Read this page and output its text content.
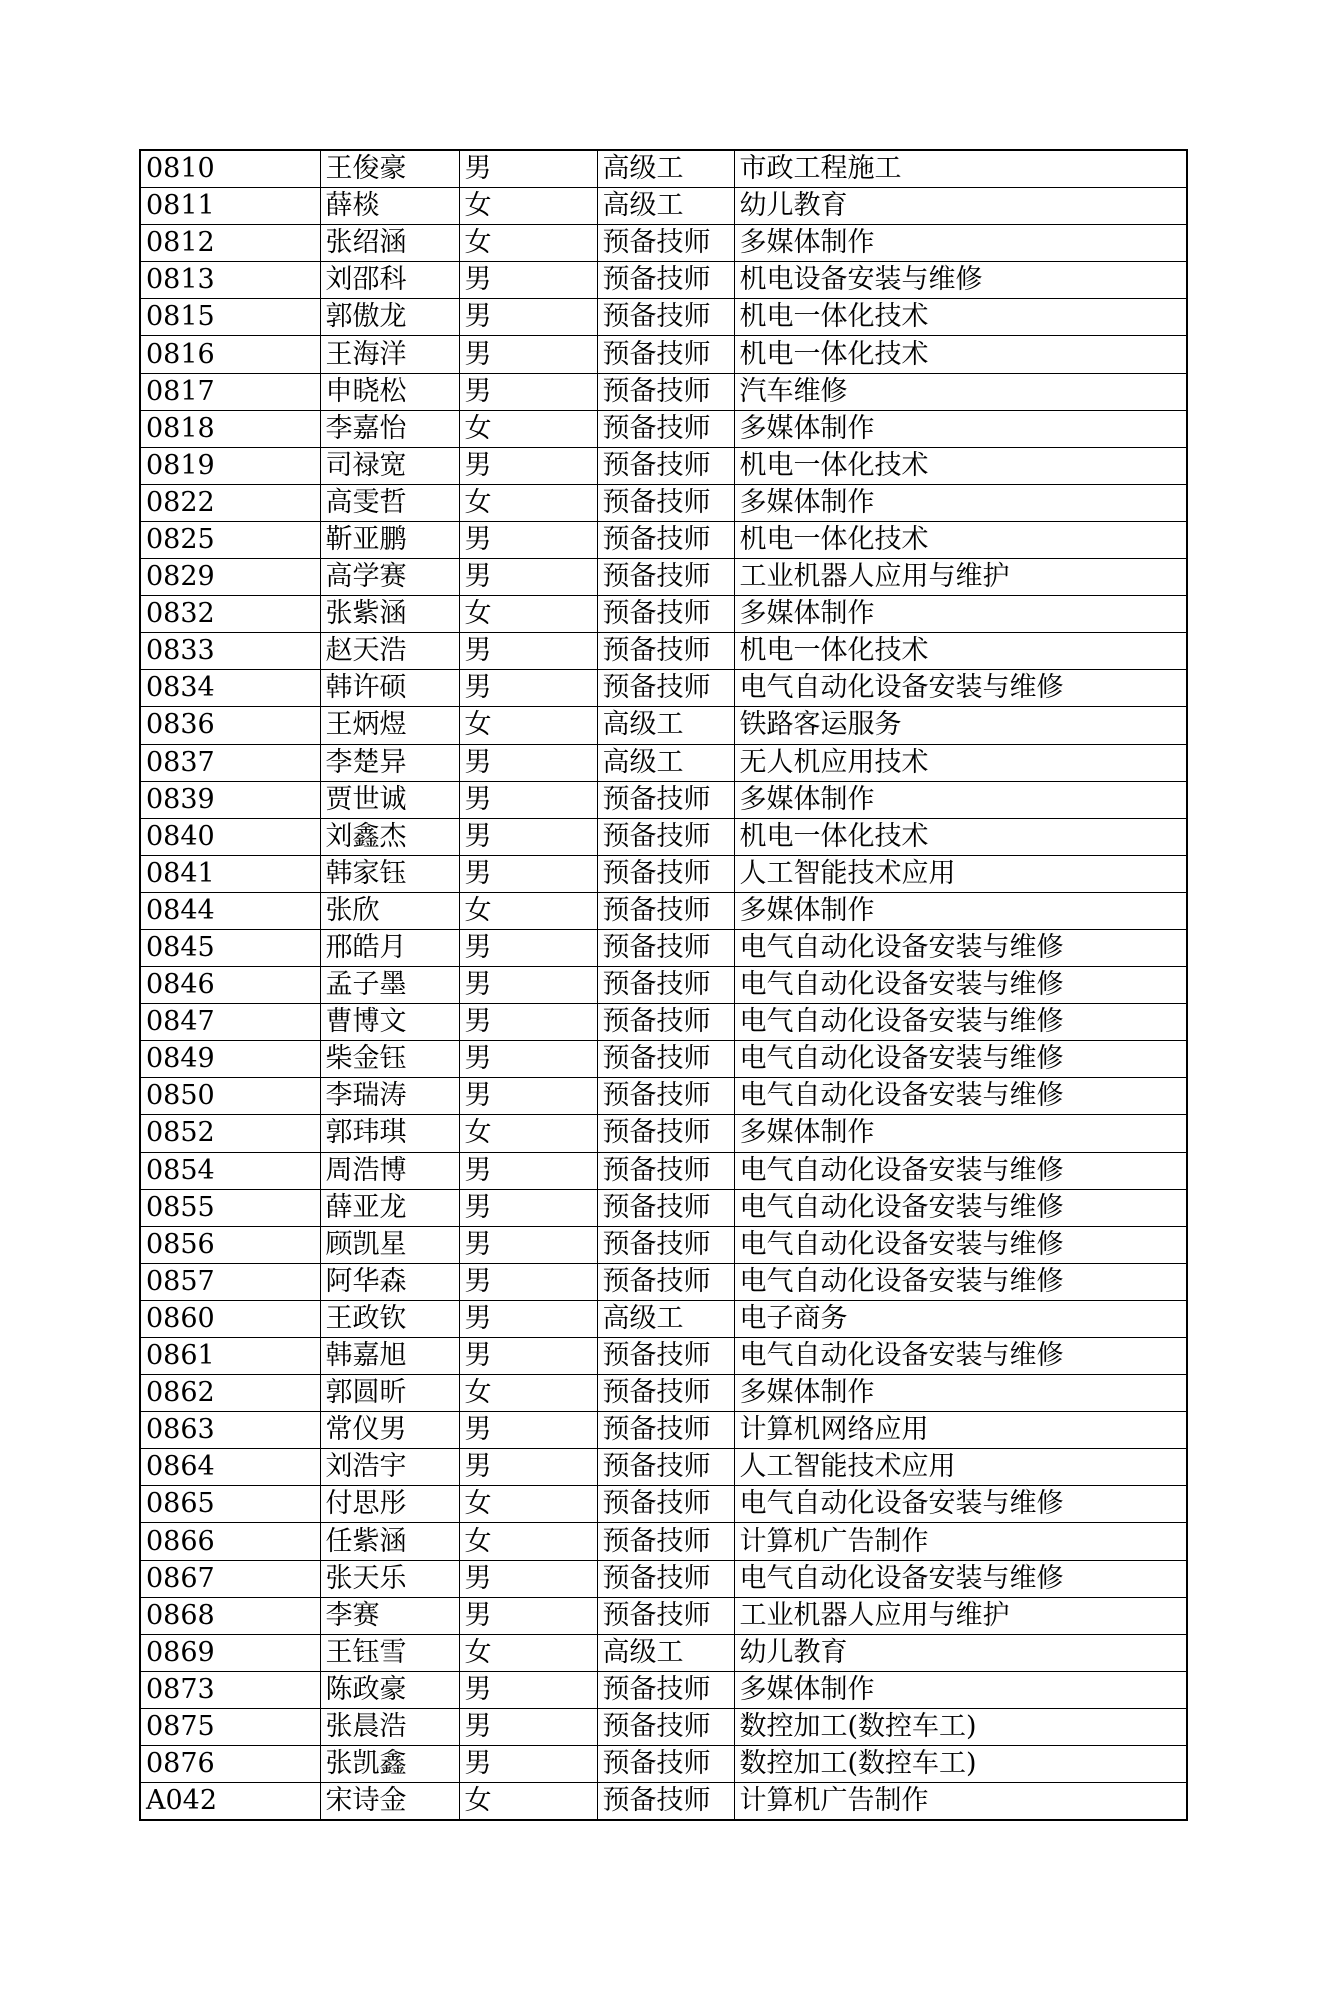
0810	王俊豪	男	高级工	市政工程施工
0811	薛棪	女	高级工	幼儿教育
0812	张绍涵	女	预备技师	多媒体制作
0813	刘邵科	男	预备技师	机电设备安装与维修
0815	郭傲龙	男	预备技师	机电一体化技术
0816	王海洋	男	预备技师	机电一体化技术
0817	申晓松	男	预备技师	汽车维修
0818	李嘉怡	女	预备技师	多媒体制作
0819	司禄宽	男	预备技师	机电一体化技术
0822	高雯哲	女	预备技师	多媒体制作
0825	靳亚鹏	男	预备技师	机电一体化技术
0829	高学赛	男	预备技师	工业机器人应用与维护
0832	张紫涵	女	预备技师	多媒体制作
0833	赵天浩	男	预备技师	机电一体化技术
0834	韩许硕	男	预备技师	电气自动化设备安装与维修
0836	王炳煜	女	高级工	铁路客运服务
0837	李楚异	男	高级工	无人机应用技术
0839	贾世诚	男	预备技师	多媒体制作
0840	刘鑫杰	男	预备技师	机电一体化技术
0841	韩家钰	男	预备技师	人工智能技术应用
0844	张欣	女	预备技师	多媒体制作
0845	邢皓月	男	预备技师	电气自动化设备安装与维修
0846	孟子墨	男	预备技师	电气自动化设备安装与维修
0847	曹博文	男	预备技师	电气自动化设备安装与维修
0849	柴金钰	男	预备技师	电气自动化设备安装与维修
0850	李瑞涛	男	预备技师	电气自动化设备安装与维修
0852	郭玮琪	女	预备技师	多媒体制作
0854	周浩博	男	预备技师	电气自动化设备安装与维修
0855	薛亚龙	男	预备技师	电气自动化设备安装与维修
0856	顾凯星	男	预备技师	电气自动化设备安装与维修
0857	阿华森	男	预备技师	电气自动化设备安装与维修
0860	王政钦	男	高级工	电子商务
0861	韩嘉旭	男	预备技师	电气自动化设备安装与维修
0862	郭圆昕	女	预备技师	多媒体制作
0863	常仪男	男	预备技师	计算机网络应用
0864	刘浩宇	男	预备技师	人工智能技术应用
0865	付思彤	女	预备技师	电气自动化设备安装与维修
0866	任紫涵	女	预备技师	计算机广告制作
0867	张天乐	男	预备技师	电气自动化设备安装与维修
0868	李赛	男	预备技师	工业机器人应用与维护
0869	王钰雪	女	高级工	幼儿教育
0873	陈政豪	男	预备技师	多媒体制作
0875	张晨浩	男	预备技师	数控加工(数控车工)
0876	张凯鑫	男	预备技师	数控加工(数控车工)
A042	宋诗金	女	预备技师	计算机广告制作
